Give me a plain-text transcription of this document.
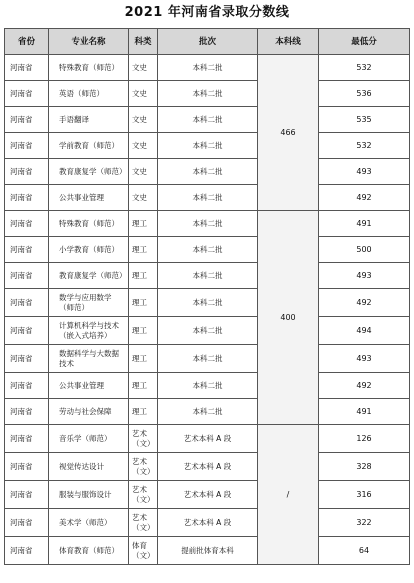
2021 年河南省录取分数线
省份	专业名称	科类	批次	本科线	最低分
河南省	特殊教育（师范）	文史	本科二批	466	532
河南省	英语（师范）	文史	本科二批		536
河南省	手语翻译	文史	本科二批		535
河南省	学前教育（师范）	文史	本科二批		532
河南省	教育康复学（师范）	文史	本科二批		493
河南省	公共事业管理	文史	本科二批		492
河南省	特殊教育（师范）	理工	本科二批	400	491
河南省	小学教育（师范）	理工	本科二批		500
河南省	教育康复学（师范）	理工	本科二批		493
河南省	数学与应用数学（师范）	理工	本科二批		492
河南省	计算机科学与技术（嵌入式培养）	理工	本科二批		494
河南省	数据科学与大数据技术	理工	本科二批		493
河南省	公共事业管理	理工	本科二批		492
河南省	劳动与社会保障	理工	本科二批		491
河南省	音乐学（师范）	艺术（文）	艺术本科 A 段	/	126
河南省	视觉传达设计	艺术（文）	艺术本科 A 段		328
河南省	服装与服饰设计	艺术（文）	艺术本科 A 段		316
河南省	美术学（师范）	艺术（文）	艺术本科 A 段		322
河南省	体育教育（师范）	体育（文）	提前批体育本科		64
